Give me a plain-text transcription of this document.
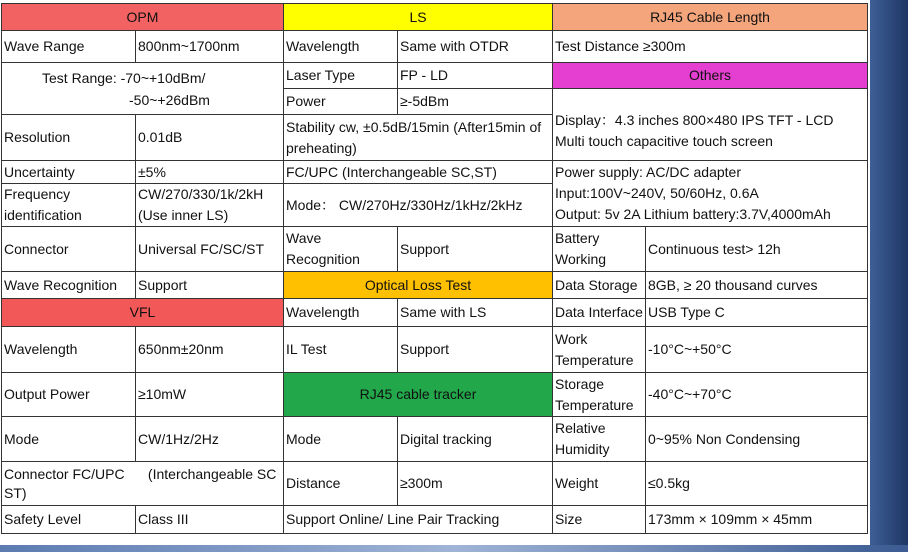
OPM		LS		RJ45 Cable Length	
Wave Range	800nm~1700nm	Wavelength	Same with OTDR	Test Distance ≥300m	

Test Range: -70~+10dBm/
-50~+26dBm		Laser Type	FP - LD	Others	
		Power	≥-5dBm	Display：4.3 inches 800×480 IPS TFT - LCD
Multi touch capacitive touch screen	

Resolution	0.01dB	Stability cw, ±0.5dB/15min (After15min of preheating)			
Uncertainty	±5%	FC/UPC (Interchangeable SC,ST)		Power supply: AC/DC adapter
Input:100V~240V, 50/60Hz, 0.6A
Output: 5v 2A Lithium battery:3.7V,4000mAh	

Frequency identification	CW/270/330/1k/2kH (Use inner LS)	Mode： CW/270Hz/330Hz/1kHz/2kHz			
Connector	Universal FC/SC/ST	Wave Recognition	Support	Battery Working	Continuous test> 12h
Wave Recognition	Support	Optical Loss Test		Data Storage	8GB, ≥ 20 thousand curves
VFL		Wavelength	Same with LS	Data Interface	USB Type C
Wavelength	650nm±20nm	IL Test	Support	Work Temperature	-10°C~+50°C
Output Power	≥10mW	RJ45 cable tracker		Storage Temperature	-40°C~+70°C
Mode	CW/1Hz/2Hz	Mode	Digital tracking	Relative Humidity	0~95% Non Condensing
Connector FC/UPC      (Interchangeable SC ST)		Distance	≥300m	Weight	≤0.5kg
Safety Level	Class III	Support Online/ Line Pair Tracking		Size	173mm × 109mm × 45mm
